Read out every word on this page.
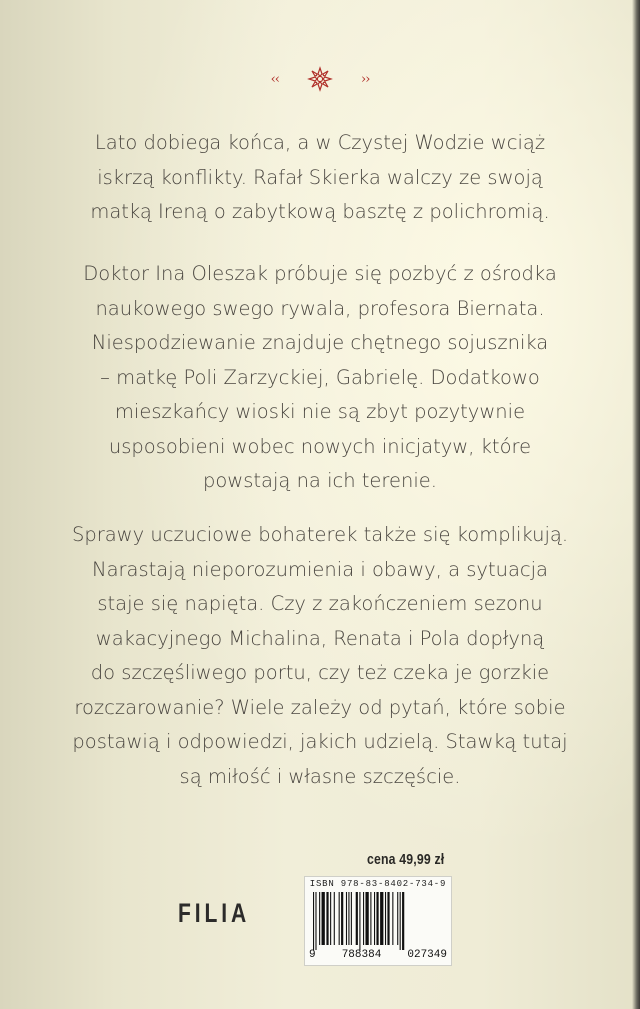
‹‹	››
Lato dobiega końca, a w Czystej Wodzie wciąż
iskrzą konflikty. Rafał Skierka walczy ze swoją
matką Ireną o zabytkową basztę z polichromią.
Doktor Ina Oleszak próbuje się pozbyć z ośrodka
naukowego swego rywala, profesora Biernata.
Niespodziewanie znajduje chętnego sojusznika
– matkę Poli Zarzyckiej, Gabrielę. Dodatkowo
mieszkańcy wioski nie są zbyt pozytywnie
usposobieni wobec nowych inicjatyw, które
powstają na ich terenie.
Sprawy uczuciowe bohaterek także się komplikują.
Narastają nieporozumienia i obawy, a sytuacja
staje się napięta. Czy z zakończeniem sezonu
wakacyjnego Michalina, Renata i Pola dopłyną
do szczęśliwego portu, czy też czeka je gorzkie
rozczarowanie? Wiele zależy od pytań, które sobie
postawią i odpowiedzi, jakich udzielą. Stawką tutaj
są miłość i własne szczęście.
cena 49,99 zł
FILIA
ISBN 978-83-8402-734-9
9 788384 027349
